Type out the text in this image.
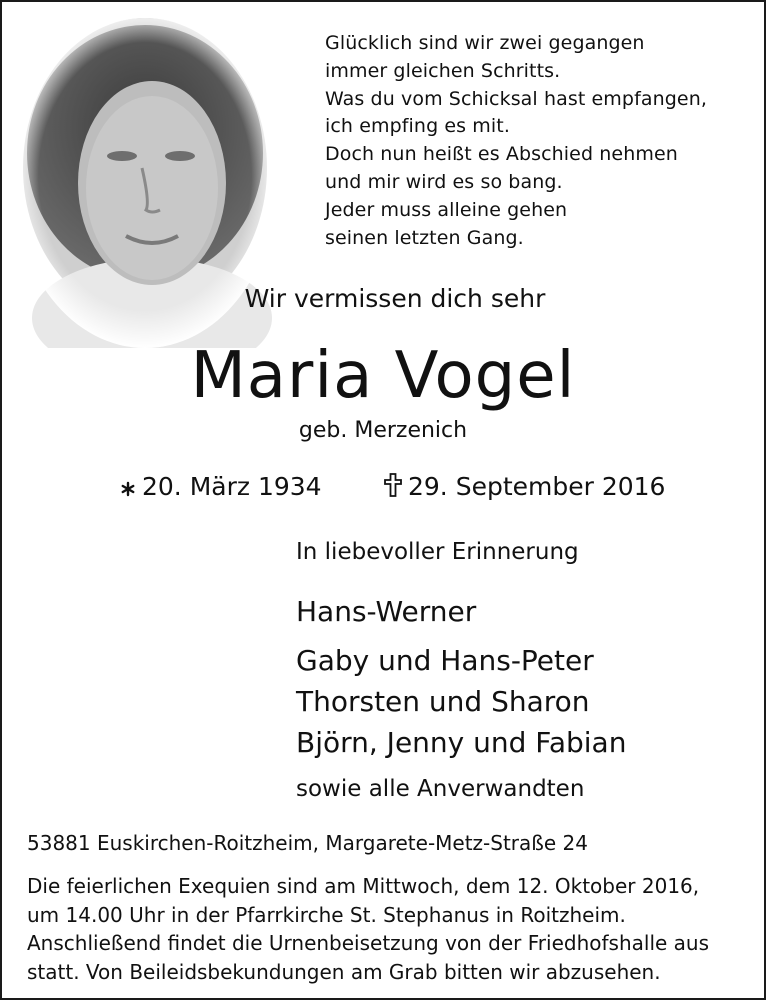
Glücklich sind wir zwei gegangen
immer gleichen Schritts.
Was du vom Schicksal hast empfangen,
ich empfing es mit.
Doch nun heißt es Abschied nehmen
und mir wird es so bang.
Jeder muss alleine gehen
seinen letzten Gang.
Wir vermissen dich sehr
Maria Vogel
geb. Merzenich
20. März 1934	29. September 2016
In liebevoller Erinnerung
Hans-Werner
Gaby und Hans-Peter
Thorsten und Sharon
Björn, Jenny und Fabian
sowie alle Anverwandten
53881 Euskirchen-Roitzheim, Margarete-Metz-Straße 24
Die feierlichen Exequien sind am Mittwoch, dem 12. Oktober 2016,
um 14.00 Uhr in der Pfarrkirche St. Stephanus in Roitzheim.
Anschließend findet die Urnenbeisetzung von der Friedhofshalle aus
statt. Von Beileidsbekundungen am Grab bitten wir abzusehen.
